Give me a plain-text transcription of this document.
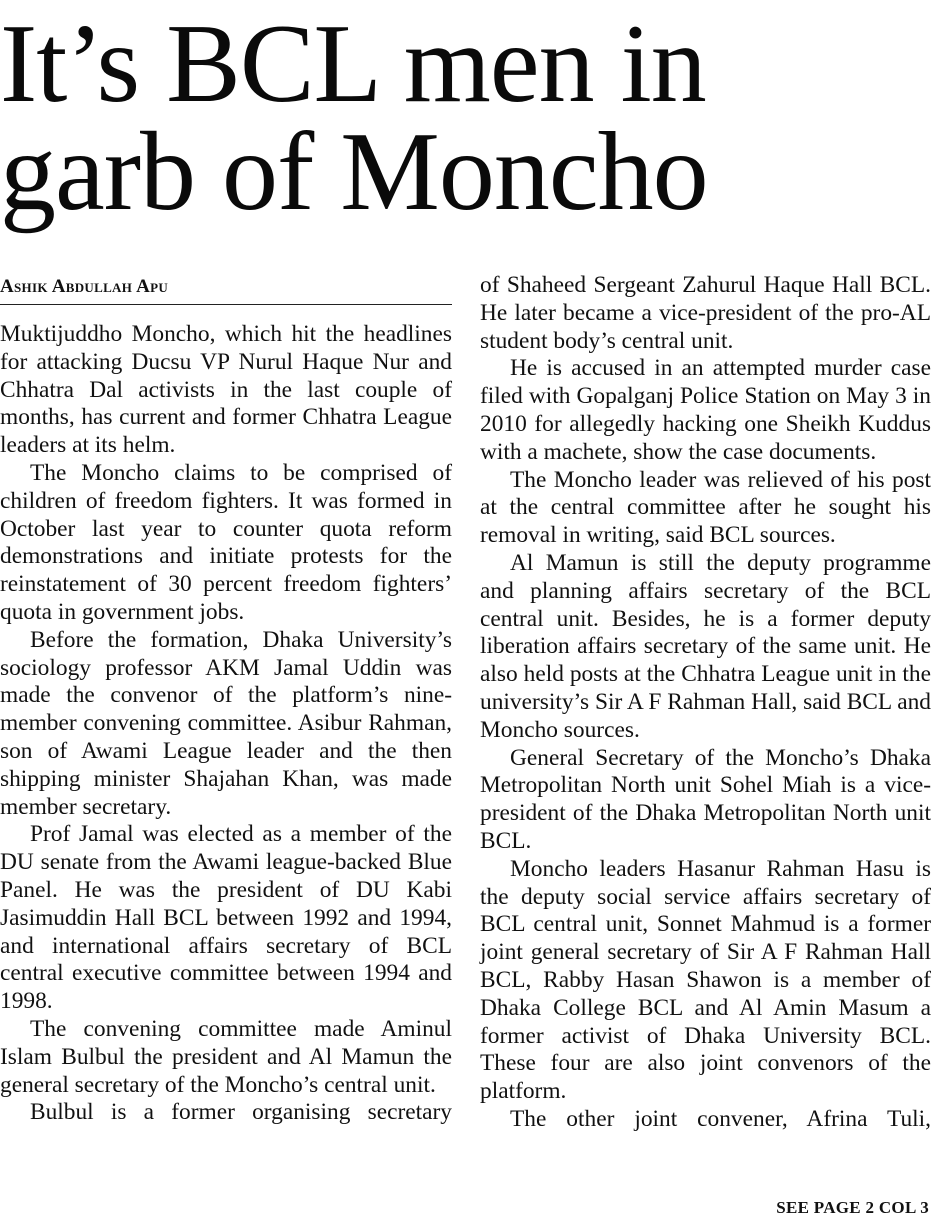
It’s BCL men in
garb of Moncho
Ashik Abdullah Apu

Muktijuddho Moncho, which hit the headlines for attacking Ducsu VP Nurul Haque Nur and Chhatra Dal activists in the last couple of months, has current and former Chhatra League leaders at its helm.

The Moncho claims to be comprised of children of freedom fighters. It was formed in October last year to counter quota reform demonstrations and initiate protests for the reinstatement of 30 percent freedom fighters’ quota in government jobs.

Before the formation, Dhaka University’s sociology professor AKM Jamal Uddin was made the convenor of the platform’s nine-member convening committee. Asibur Rahman, son of Awami League leader and the then shipping minister Shajahan Khan, was made member secretary.

Prof Jamal was elected as a member of the DU senate from the Awami league-backed Blue Panel. He was the president of DU Kabi Jasimuddin Hall BCL between 1992 and 1994, and international affairs secretary of BCL central executive committee between 1994 and 1998.

The convening committee made Aminul Islam Bulbul the president and Al Mamun the general secretary of the Moncho’s central unit.

Bulbul is a former organising secretary

of Shaheed Sergeant Zahurul Haque Hall BCL. He later became a vice-president of the pro-AL student body’s central unit.

He is accused in an attempted murder case filed with Gopalganj Police Station on May 3 in 2010 for allegedly hacking one Sheikh Kuddus with a machete, show the case documents.

The Moncho leader was relieved of his post at the central committee after he sought his removal in writing, said BCL sources.

Al Mamun is still the deputy programme and planning affairs secretary of the BCL central unit. Besides, he is a former deputy liberation affairs secretary of the same unit. He also held posts at the Chhatra League unit in the university’s Sir A F Rahman Hall, said BCL and Moncho sources.

General Secretary of the Moncho’s Dhaka Metropolitan North unit Sohel Miah is a vice-president of the Dhaka Metropolitan North unit BCL.

Moncho leaders Hasanur Rahman Hasu is the deputy social service affairs secretary of BCL central unit, Sonnet Mahmud is a former joint general secretary of Sir A F Rahman Hall BCL, Rabby Hasan Shawon is a member of Dhaka College BCL and Al Amin Masum a former activist of Dhaka University BCL. These four are also joint convenors of the platform.

The other joint convener, Afrina Tuli,

SEE PAGE 2 COL 3
